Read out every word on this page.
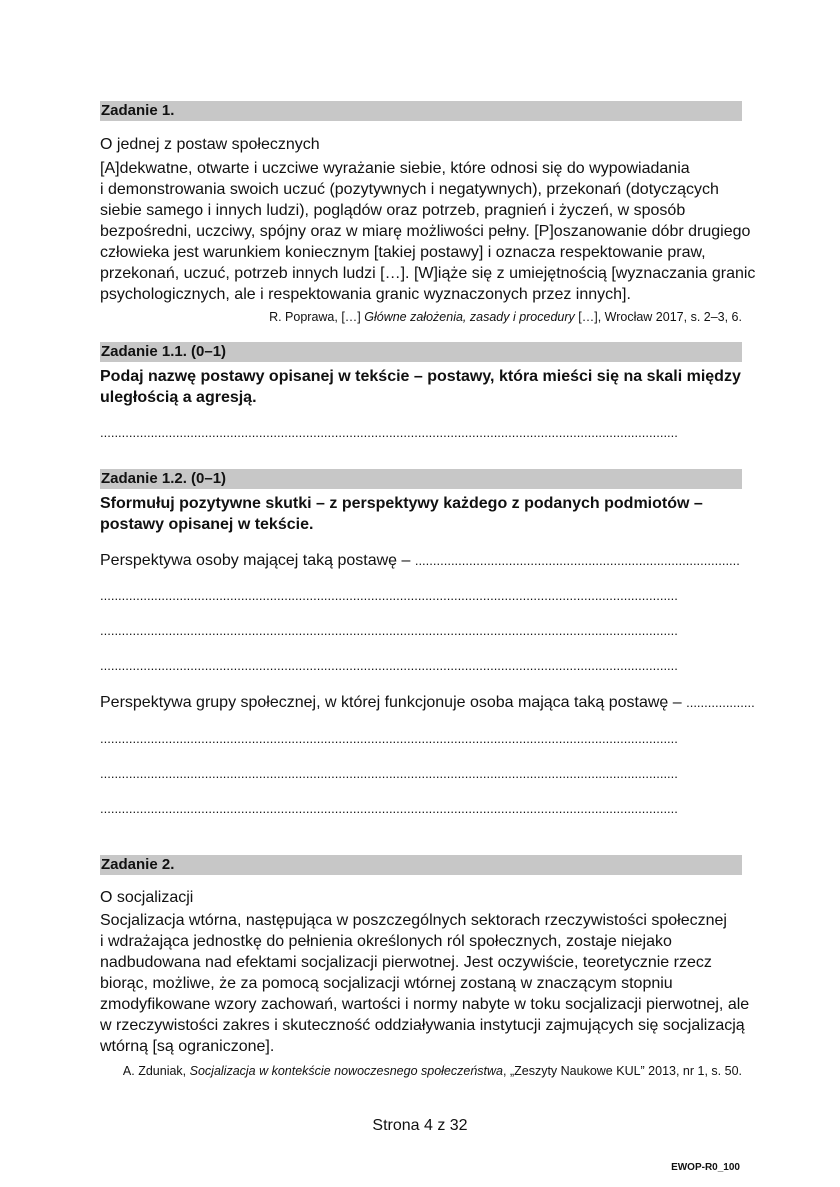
Zadanie 1.
O jednej z postaw społecznych
[A]dekwatne, otwarte i uczciwe wyrażanie siebie, które odnosi się do wypowiadania
i demonstrowania swoich uczuć (pozytywnych i negatywnych), przekonań (dotyczących
siebie samego i innych ludzi), poglądów oraz potrzeb, pragnień i życzeń, w sposób
bezpośredni, uczciwy, spójny oraz w miarę możliwości pełny. [P]oszanowanie dóbr drugiego
człowieka jest warunkiem koniecznym [takiej postawy] i oznacza respektowanie praw,
przekonań, uczuć, potrzeb innych ludzi […]. [W]iąże się z umiejętnością [wyznaczania granic
psychologicznych, ale i respektowania granic wyznaczonych przez innych].
R. Poprawa, […] Główne założenia, zasady i procedury […], Wrocław 2017, s. 2–3, 6.
Zadanie 1.1. (0–1)
Podaj nazwę postawy opisanej w tekście – postawy, która mieści się na skali między
uległością a agresją.
................................................................................................................................................................
Zadanie 1.2. (0–1)
Sformułuj pozytywne skutki – z perspektywy każdego z podanych podmiotów –
postawy opisanej w tekście.
Perspektywa osoby mającej taką postawę – ..........................................................................................
................................................................................................................................................................
................................................................................................................................................................
................................................................................................................................................................
Perspektywa grupy społecznej, w której funkcjonuje osoba mająca taką postawę – ...................
................................................................................................................................................................
................................................................................................................................................................
................................................................................................................................................................
Zadanie 2.
O socjalizacji
Socjalizacja wtórna, następująca w poszczególnych sektorach rzeczywistości społecznej
i wdrażająca jednostkę do pełnienia określonych ról społecznych, zostaje niejako
nadbudowana nad efektami socjalizacji pierwotnej. Jest oczywiście, teoretycznie rzecz
biorąc, możliwe, że za pomocą socjalizacji wtórnej zostaną w znaczącym stopniu
zmodyfikowane wzory zachowań, wartości i normy nabyte w toku socjalizacji pierwotnej, ale
w rzeczywistości zakres i skuteczność oddziaływania instytucji zajmujących się socjalizacją
wtórną [są ograniczone].
A. Zduniak, Socjalizacja w kontekście nowoczesnego społeczeństwa, „Zeszyty Naukowe KUL” 2013, nr 1, s. 50.
Strona 4 z 32
EWOP-R0_100
